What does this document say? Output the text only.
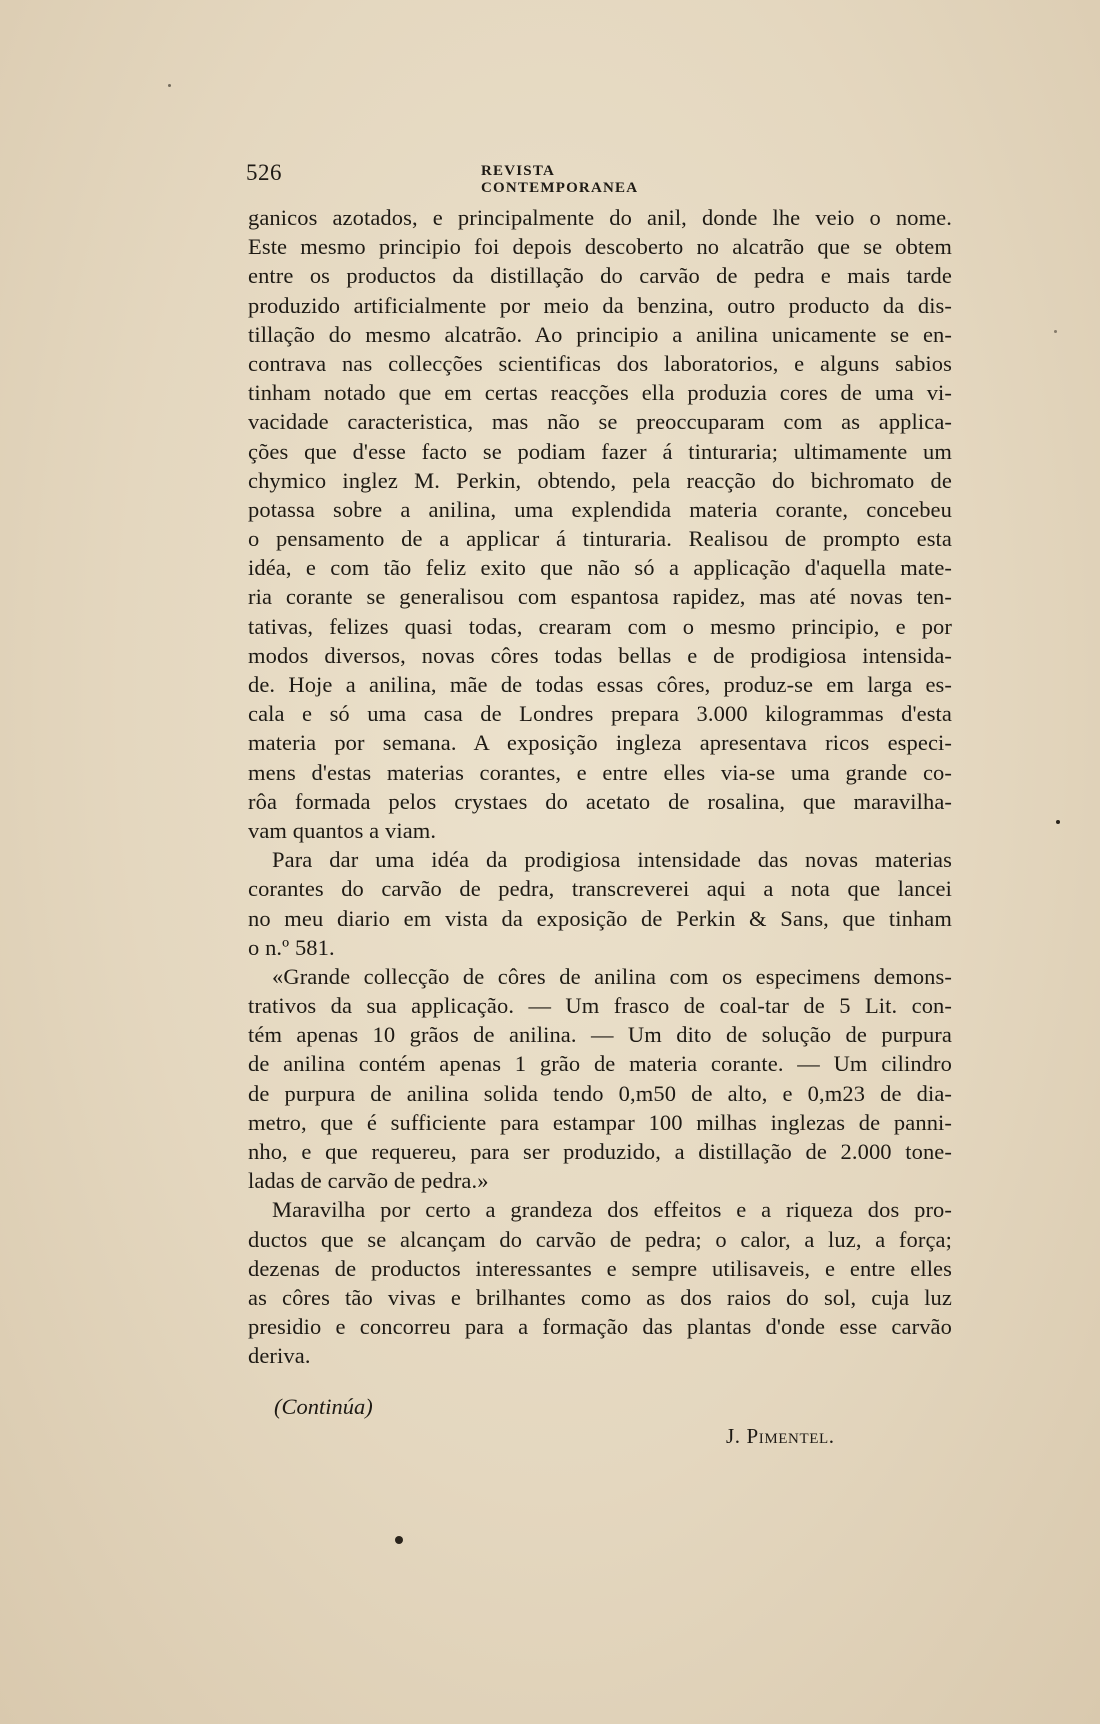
526	REVISTA CONTEMPORANEA
ganicos azotados, e principalmente do anil, donde lhe veio o nome.
Este mesmo principio foi depois descoberto no alcatrão que se obtem
entre os productos da distillação do carvão de pedra e mais tarde
produzido artificialmente por meio da benzina, outro producto da dis-
tillação do mesmo alcatrão. Ao principio a anilina unicamente se en-
contrava nas collecções scientificas dos laboratorios, e alguns sabios
tinham notado que em certas reacções ella produzia cores de uma vi-
vacidade caracteristica, mas não se preoccuparam com as applica-
ções que d'esse facto se podiam fazer á tinturaria; ultimamente um
chymico inglez M. Perkin, obtendo, pela reacção do bichromato de
potassa sobre a anilina, uma explendida materia corante, concebeu
o pensamento de a applicar á tinturaria. Realisou de prompto esta
idéa, e com tão feliz exito que não só a applicação d'aquella mate-
ria corante se generalisou com espantosa rapidez, mas até novas ten-
tativas, felizes quasi todas, crearam com o mesmo principio, e por
modos diversos, novas côres todas bellas e de prodigiosa intensida-
de. Hoje a anilina, mãe de todas essas côres, produz-se em larga es-
cala e só uma casa de Londres prepara 3.000 kilogrammas d'esta
materia por semana. A exposição ingleza apresentava ricos especi-
mens d'estas materias corantes, e entre elles via-se uma grande co-
rôa formada pelos crystaes do acetato de rosalina, que maravilha-
vam quantos a viam.
Para dar uma idéa da prodigiosa intensidade das novas materias
corantes do carvão de pedra, transcreverei aqui a nota que lancei
no meu diario em vista da exposição de Perkin & Sans, que tinham
o n.º 581.
«Grande collecção de côres de anilina com os especimens demons-
trativos da sua applicação. — Um frasco de coal-tar de 5 Lit. con-
tém apenas 10 grãos de anilina. — Um dito de solução de purpura
de anilina contém apenas 1 grão de materia corante. — Um cilindro
de purpura de anilina solida tendo 0,m50 de alto, e 0,m23 de dia-
metro, que é sufficiente para estampar 100 milhas inglezas de panni-
nho, e que requereu, para ser produzido, a distillação de 2.000 tone-
ladas de carvão de pedra.»
Maravilha por certo a grandeza dos effeitos e a riqueza dos pro-
ductos que se alcançam do carvão de pedra; o calor, a luz, a força;
dezenas de productos interessantes e sempre utilisaveis, e entre elles
as côres tão vivas e brilhantes como as dos raios do sol, cuja luz
presidio e concorreu para a formação das plantas d'onde esse carvão
deriva.
(Continúa)
J. Pimentel.
